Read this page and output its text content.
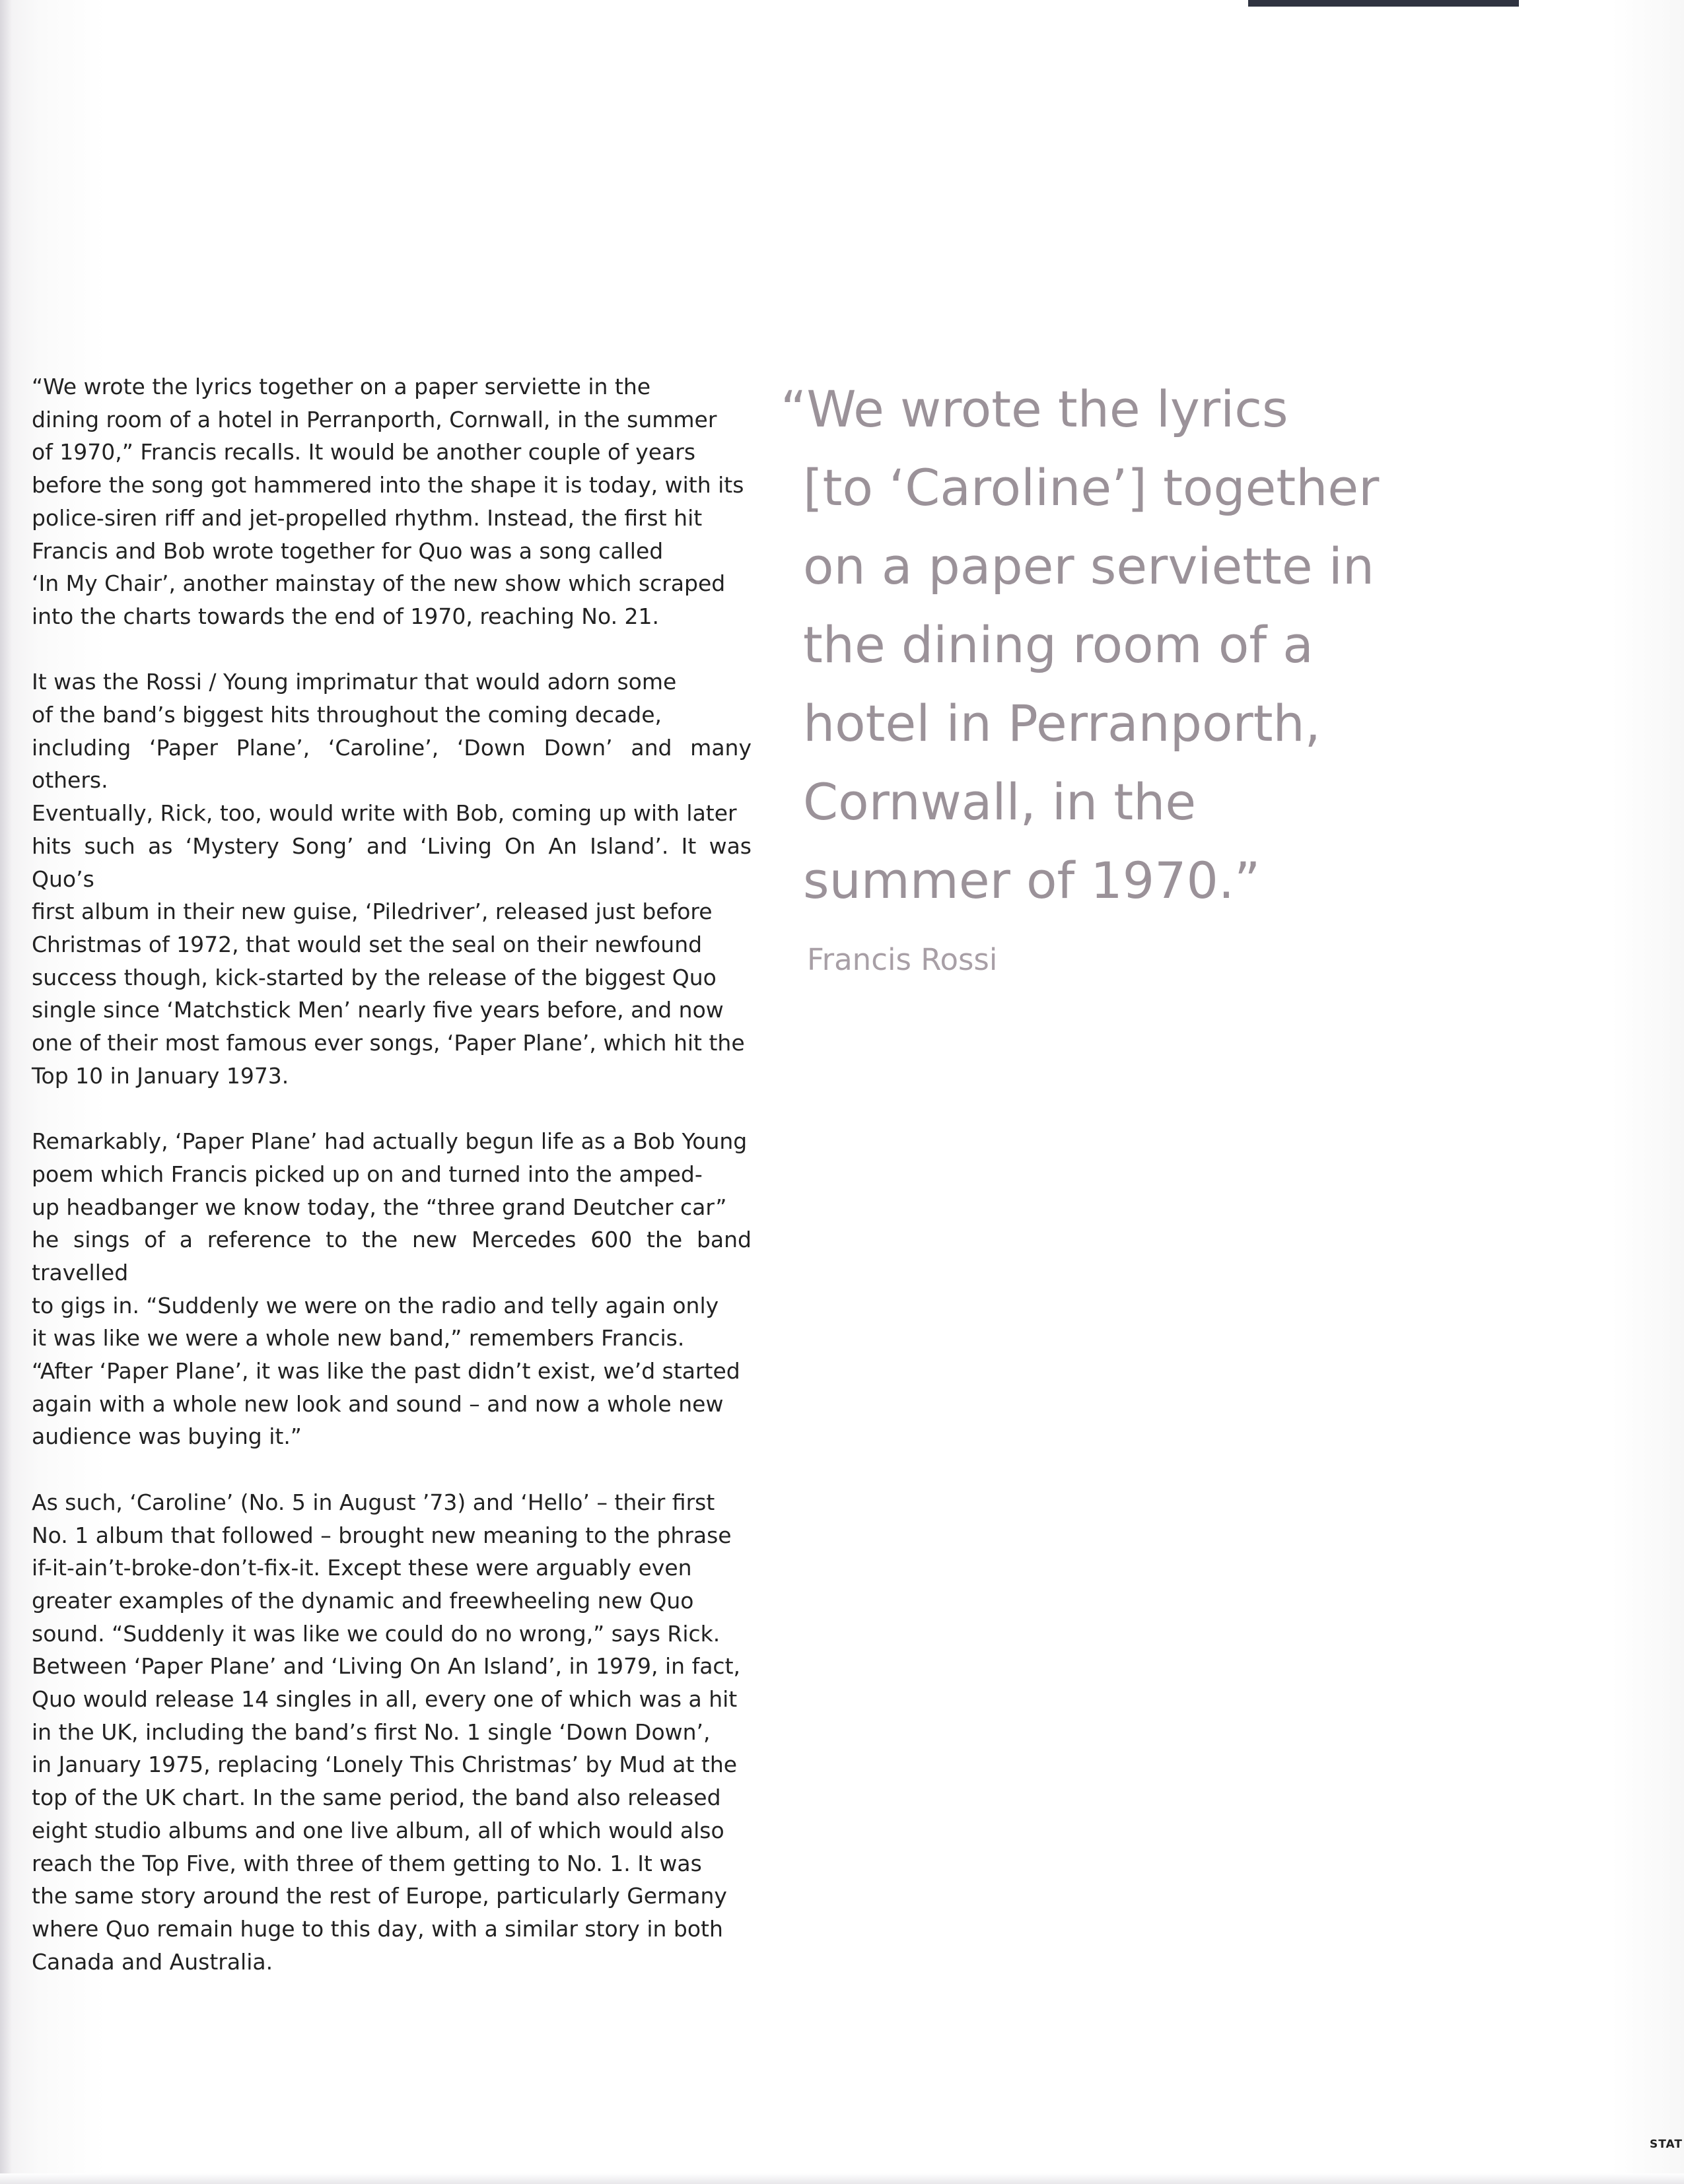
“We wrote the lyrics together on a paper serviette in the
dining room of a hotel in Perranporth, Cornwall, in the summer
of 1970,” Francis recalls. It would be another couple of years
before the song got hammered into the shape it is today, with its
police-siren riff and jet-propelled rhythm. Instead, the first hit
Francis and Bob wrote together for Quo was a song called
‘In My Chair’, another mainstay of the new show which scraped
into the charts towards the end of 1970, reaching No. 21.

It was the Rossi / Young imprimatur that would adorn some
of the band’s biggest hits throughout the coming decade,
including ‘Paper Plane’, ‘Caroline’, ‘Down Down’ and many others.
Eventually, Rick, too, would write with Bob, coming up with later
hits such as ‘Mystery Song’ and ‘Living On An Island’. It was Quo’s
first album in their new guise, ‘Piledriver’, released just before
Christmas of 1972, that would set the seal on their newfound
success though, kick-started by the release of the biggest Quo
single since ‘Matchstick Men’ nearly five years before, and now
one of their most famous ever songs, ‘Paper Plane’, which hit the
Top 10 in January 1973.

Remarkably, ‘Paper Plane’ had actually begun life as a Bob Young
poem which Francis picked up on and turned into the amped-
up headbanger we know today, the “three grand Deutcher car”
he sings of a reference to the new Mercedes 600 the band travelled
to gigs in. “Suddenly we were on the radio and telly again only
it was like we were a whole new band,” remembers Francis.
“After ‘Paper Plane’, it was like the past didn’t exist, we’d started
again with a whole new look and sound – and now a whole new
audience was buying it.”

As such, ‘Caroline’ (No. 5 in August ’73) and ‘Hello’ – their first
No. 1 album that followed – brought new meaning to the phrase
if-it-ain’t-broke-don’t-fix-it. Except these were arguably even
greater examples of the dynamic and freewheeling new Quo
sound. “Suddenly it was like we could do no wrong,” says Rick.
Between ‘Paper Plane’ and ‘Living On An Island’, in 1979, in fact,
Quo would release 14 singles in all, every one of which was a hit
in the UK, including the band’s first No. 1 single ‘Down Down’,
in January 1975, replacing ‘Lonely This Christmas’ by Mud at the
top of the UK chart. In the same period, the band also released
eight studio albums and one live album, all of which would also
reach the Top Five, with three of them getting to No. 1. It was
the same story around the rest of Europe, particularly Germany
where Quo remain huge to this day, with a similar story in both
Canada and Australia.

“We wrote the lyrics
[to ‘Caroline’] together
on a paper serviette in
the dining room of a
hotel in Perranporth,
Cornwall, in the
summer of 1970.”
Francis Rossi
STAT
